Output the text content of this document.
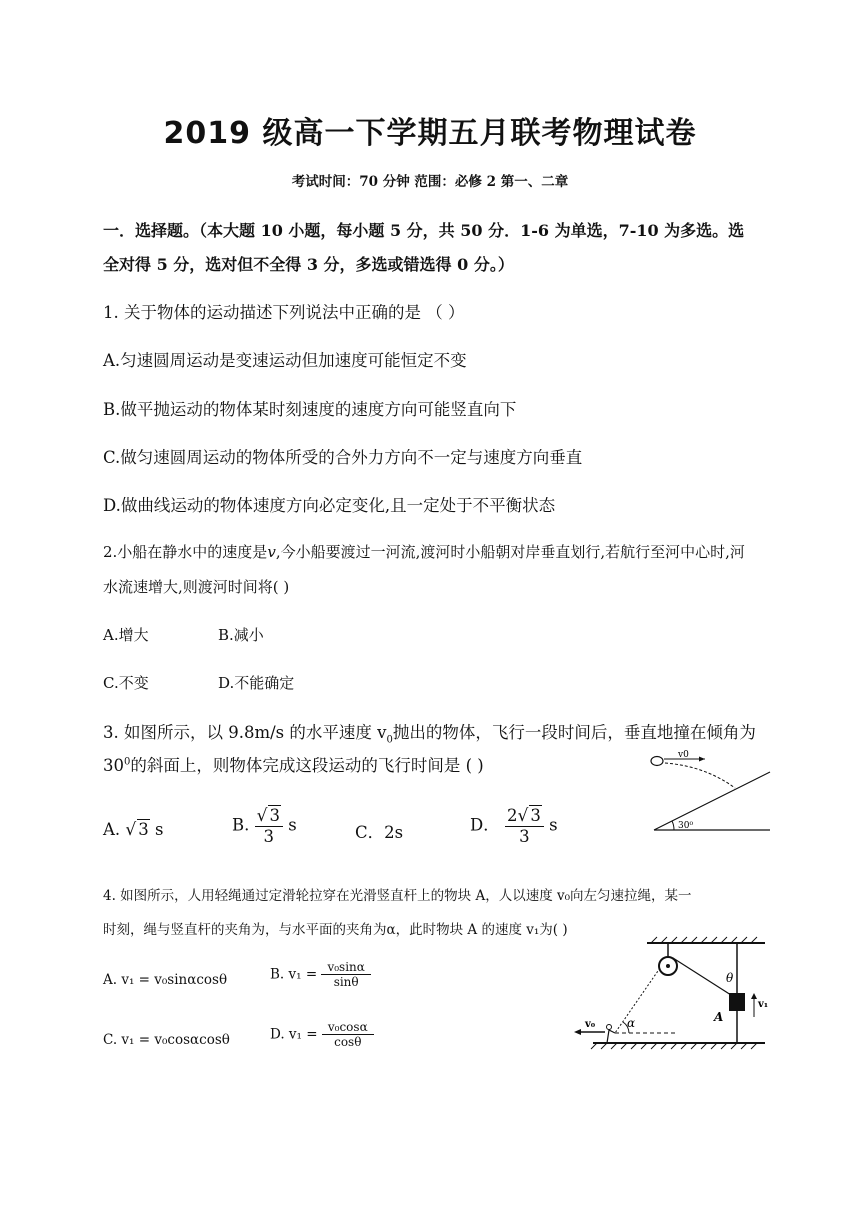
2019 级高一下学期五月联考物理试卷
考试时间：70 分钟 范围：必修 2 第一、二章
一．选择题。（本大题 10 小题，每小题 5 分，共 50 分．1-6 为单选，7-10 为多选。选
全对得 5 分，选对但不全得 3 分，多选或错选得 0 分。）
1. 关于物体的运动描述下列说法中正确的是 （ ）
A.匀速圆周运动是变速运动但加速度可能恒定不变
B.做平抛运动的物体某时刻速度的速度方向可能竖直向下
C.做匀速圆周运动的物体所受的合外力方向不一定与速度方向垂直
D.做曲线运动的物体速度方向必定变化,且一定处于不平衡状态
2.小船在静水中的速度是v,今小船要渡过一河流,渡河时小船朝对岸垂直划行,若航行至河中心时,河
水流速增大,则渡河时间将( )
A.增大	B.减小
C.不变	D.不能确定
3. 如图所示，以 9.8m/s 的水平速度 $v_0$抛出的物体，飞行一段时间后，垂直地撞在倾角为
$30^0$的斜面上，则物体完成这段运动的飞行时间是 ( )
A. √ 3 s	B. $\frac{√ 3}{3}$ s	C．2s	D． $\frac{2√ 3}{3}$ s
v0
30⁰
4. 如图所示，人用轻绳通过定滑轮拉穿在光滑竖直杆上的物块 A，人以速度 v₀向左匀速拉绳，某一
时刻，绳与竖直杆的夹角为，与水平面的夹角为α，此时物块 A 的速度 v₁为( )
A. v₁ = v₀sinαcosθ	B. $v_1 = \frac{\text{v₀sinα}}{\sin\theta}$
C. v₁ = v₀cosαcosθ	D. $v_1 = \frac{\text{v₀cosα}}{\cos\theta}$
A
θ
v₁
α
v₀
